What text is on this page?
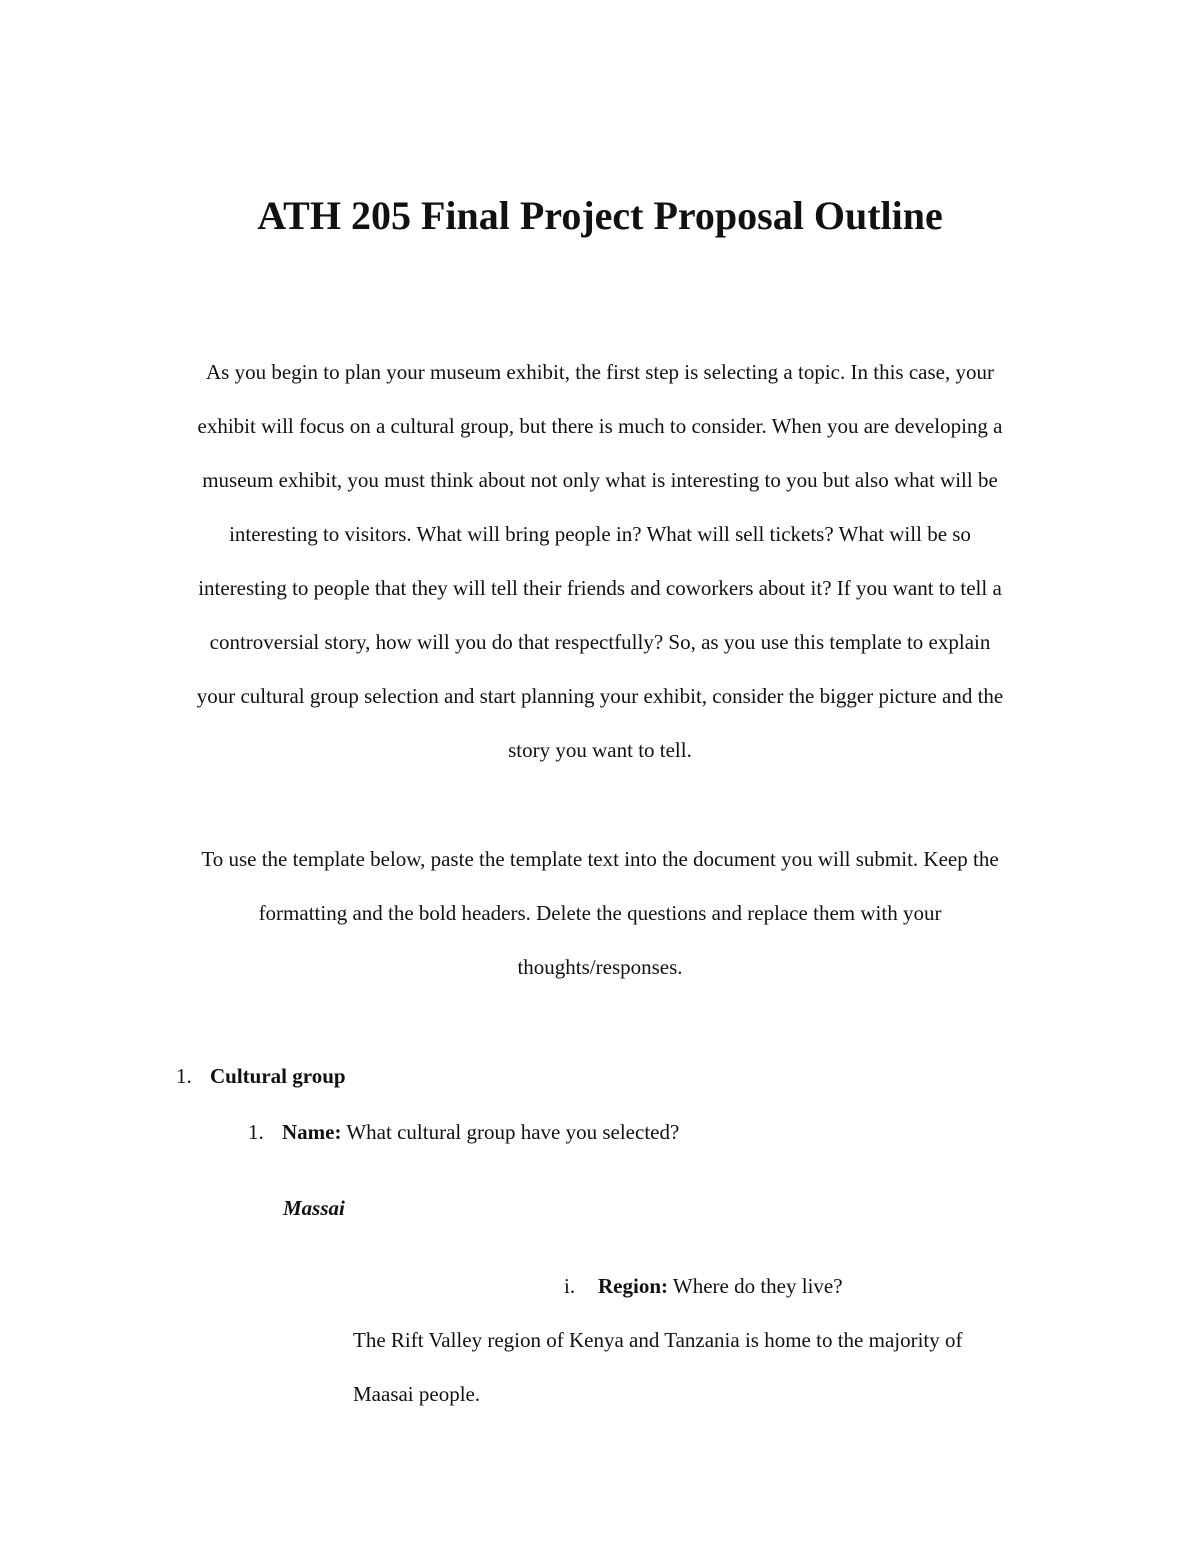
ATH 205 Final Project Proposal Outline
As you begin to plan your museum exhibit, the first step is selecting a topic. In this case, your
exhibit will focus on a cultural group, but there is much to consider. When you are developing a
museum exhibit, you must think about not only what is interesting to you but also what will be
interesting to visitors. What will bring people in? What will sell tickets? What will be so
interesting to people that they will tell their friends and coworkers about it? If you want to tell a
controversial story, how will you do that respectfully? So, as you use this template to explain
your cultural group selection and start planning your exhibit, consider the bigger picture and the
story you want to tell.
To use the template below, paste the template text into the document you will submit. Keep the
formatting and the bold headers. Delete the questions and replace them with your
thoughts/responses.
1. Cultural group
1. Name: What cultural group have you selected?
Massai
i. Region: Where do they live?
The Rift Valley region of Kenya and Tanzania is home to the majority of
Maasai people.
